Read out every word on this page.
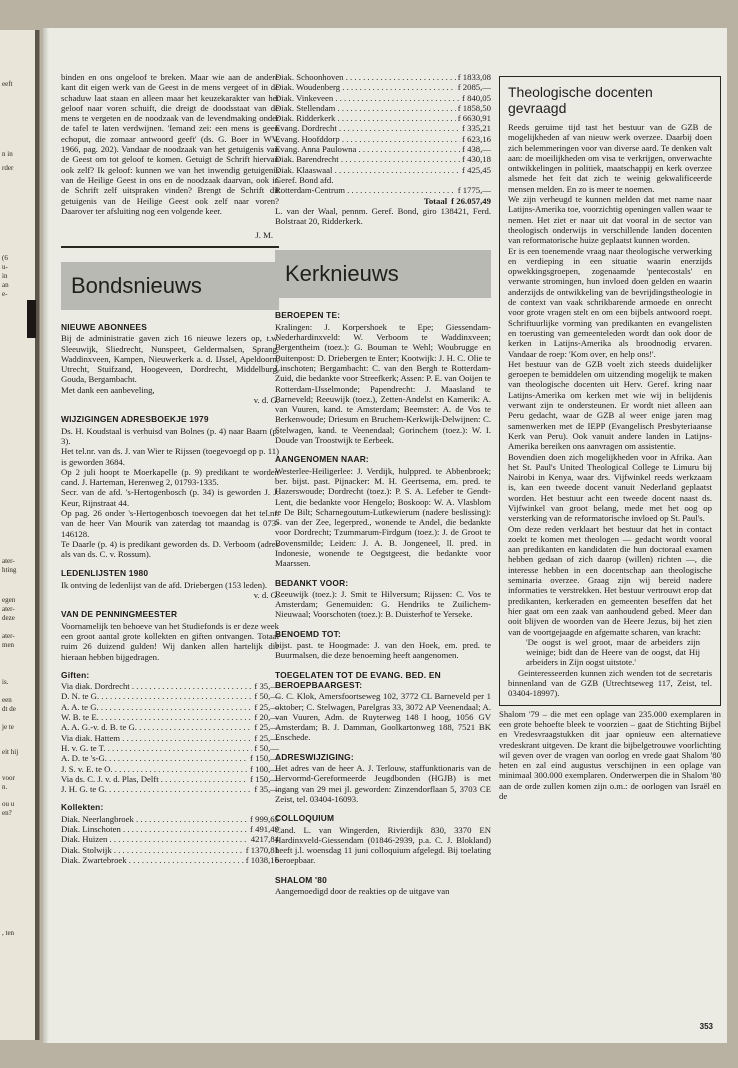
eeft
n in
rder
(6
u-
in
an
e-
ater-
hting
egen
ater-
deze
ater-
men
is.
een
dt de
je te
eit hij
voor
n.
ou u
en?
, ten

binden en ons ongeloof te breken. Maar wie aan de andere kant dit eigen werk van de Geest in de mens vergeet of in de schaduw laat staan en alleen maar het keuzekarakter van het geloof naar voren schuift, die dreigt de doodsstaat van de mens te vergeten en de noodzaak van de levendmaking onder de tafel te laten verdwijnen. 'Iemand zei: een mens is geen echoput, die zomaar antwoord geeft' (ds. G. Boer in WV, 1966, pag. 202). Vandaar de noodzaak van het getuigenis van de Geest om tot geloof te komen. Getuigt de Schrift hiervan ook zelf? Ik geloof: kunnen we van het inwendig getuigenis van de Heilige Geest in ons en de noodzaak daarvan, ook in de Schrift zelf uitspraken vinden? Brengt de Schrift dit getuigenis van de Heilige Geest ook zelf naar voren? Daarover ter afsluiting nog een volgende keer.

J. M.
Bondsnieuws
NIEUWE ABONNEES

Bij de administratie gaven zich 16 nieuwe lezers op, t.w. Sleeuwijk, Sliedrecht, Nunspeet, Geldermalsen, Sprang, Waddinxveen, Kampen, Nieuwerkerk a. d. IJssel, Apeldoorn, Utrecht, Stuifzand, Hoogeveen, Dordrecht, Middelburg, Gouda, Bergambacht.

Met dank een aanbeveling,

v. d. G.
WIJZIGINGEN ADRESBOEKJE 1979

Ds. H. Koudstaal is verhuisd van Bolnes (p. 4) naar Baarn (p. 3).

Het tel.nr. van ds. J. van Wier te Rijssen (toegevoegd op p. 11) is geworden 3684.

Op 2 juli hoopt te Moerkapelle (p. 9) predikant te worden cand. J. Harteman, Herenweg 2, 01793-1335.

Secr. van de afd. 's-Hertogenbosch (p. 34) is geworden J. J. Keur, Rijnstraat 44.

Op pag. 26 onder 's-Hertogenbosch toevoegen dat het tel.nr. van de heer Van Mourik van zaterdag tot maandag is 073-146128.

Te Daarle (p. 4) is predikant geworden ds. D. Verboom (adres als van ds. C. v. Rossum).

LEDENLIJSTEN 1980

Ik ontving de ledenlijst van de afd. Driebergen (153 leden).

v. d. G.
VAN DE PENNINGMEESTER

Voornamelijk ten behoeve van het Studiefonds is er deze week een groot aantal grote kollekten en giften ontvangen. Totaal ruim 26 duizend gulden! Wij danken allen hartelijk die hieraan hebben bijgedragen.

Giften:
Via diak. Dordrecht . . .	f 35,—
D. N. te G. . . .	f 50,—
A. A. te G. . . .	f 25,—
W. B. te E. . . .	f 20,—
A. A. G.-v. d. B. te G. . . .	f 25,—
Via diak. Hattem . . .	f 25,—
H. v. G. te T. . . .	f 50,—
A. D. te 's-G. . . .	f 150,—
J. S. v. E. te O. . . .	f 100,—
Via ds. C. J. v. d. Plas, Delft . . .	f 150,—
J. H. G. te G. . . .	f 35,—
Kollekten:
Diak. Neerlangbroek . . .	f 999,65
Diak. Linschoten . . .	f 491,49
Diak. Huizen . . .	4217,84
Diak. Stolwijk . . .	f 1370,81
Diak. Zwartebroek . . .	f 1038,16
Diak. Schoonhoven . . .	f 1833,08
Diak. Woudenberg . . .	f 2085,—
Diak. Vinkeveen . . .	f 840,05
Diak. Stellendam . . .	f 1858,50
Diak. Ridderkerk . . .	f 6630,91
Evang. Dordrecht . . .	f 335,21
Evang. Hoofddorp . . .	f 623,16
Evang. Anna Paulowna . . .	f 438,—
Diak. Barendrecht . . .	f 430,18
Diak. Klaaswaal . . .	f 425,45
Geref. Bond afd.
Rotterdam-Centrum . . .	f 1775,—
Totaal f 26.057,49

L. van der Waal, pennm. Geref. Bond, giro 138421, Ferd. Bolstraat 20, Ridderkerk.

Kerknieuws
BEROEPEN TE:

Kralingen: J. Korpershoek te Epe; Giessendam-Nederhardinxveld: W. Verboom te Waddinxveen; Bergentheim (toez.): G. Bouman te Wehl; Woubrugge en Buitenpost: D. Driebergen te Enter; Kootwijk: J. H. C. Olie te Linschoten; Bergambacht: C. van den Bergh te Rotterdam-Zuid, die bedankte voor Streefkerk; Assen: P. E. van Ooijen te Rotterdam-IJsselmonde; Papendrecht: J. Maasland te Barneveld; Reeuwijk (toez.), Zetten-Andelst en Kamerik: A. van Vuuren, kand. te Amsterdam; Beemster: A. de Vos te Berkenwoude; Driesum en Bruchem-Kerkwijk-Delwijnen: C. Stelwagen, kand. te Veenendaal; Gorinchem (toez.): W. I. Doude van Troostwijk te Eerbeek.

AANGENOMEN NAAR:

Westerlee-Heiligerlee: J. Verdijk, hulppred. te Abbenbroek; ber. bijst. past. Pijnacker: M. H. Geertsema, em. pred. te Hazerswoude; Dordrecht (toez.): P. S. A. Lefeber te Gendt-Lent, die bedankte voor Hengelo; Boskoop: W. A. Vlasblom te De Bilt; Scharnegoutum-Lutkewierum (nadere beslissing): S. van der Zee, legerpred., wonende te Andel, die bedankte voor Dordrecht; Tzummarum-Firdgum (toez.): J. de Groot te Bovensmilde; Leiden: J. A. B. Jongeneel, ll. pred. in Indonesie, wonende te Oegstgeest, die bedankte voor Maarssen.

BEDANKT VOOR:

Reeuwijk (toez.): J. Smit te Hilversum; Rijssen: C. Vos te Amsterdam; Genemuiden: G. Hendriks te Zuilichem-Nieuwaal; Voorschoten (toez.): B. Duisterhof te Yerseke.

BENOEMD TOT:

bijst. past. te Hoogmade: J. van den Hoek, em. pred. te Buurmalsen, die deze benoeming heeft aangenomen.

TOEGELATEN TOT DE EVANG. BED. EN BEROEPBAARGEST:

G. C. Klok, Amersfoortseweg 102, 3772 CL Barneveld per 1 oktober; C. Stelwagen, Parelgras 33, 3072 AP Veenendaal; A. van Vuuren, Adm. de Ruyterweg 148 I hoog, 1056 GV Amsterdam; B. J. Damman, Goolkartonweg 188, 7521 BK Enschede.

ADRESWIJZIGING:

Het adres van de heer A. J. Terlouw, staffunktionaris van de Hervormd-Gereformeerde Jeugdbonden (HGJB) is met ingang van 29 mei jl. geworden: Zinzendorflaan 5, 3703 CE Zeist, tel. 03404-16093.

COLLOQUIUM

Cand. L. van Wingerden, Rivierdijk 830, 3370 EN Hardinxveld-Giessendam (01846-2939, p.a. C. J. Blokland) heeft j.l. woensdag 11 juni colloquium afgelegd. Bij toelating beroepbaar.

SHALOM '80

Aangemoedigd door de reakties op de uitgave van

Theologische docenten gevraagd

Reeds geruime tijd tast het bestuur van de GZB de mogelijkheden af van nieuw werk overzee. Daarbij doen zich belemmeringen voor van diverse aard. Te denken valt aan: de moeilijkheden om visa te verkrijgen, onverwachte ontwikkelingen in politiek, maatschappij en kerk overzee alsmede het feit dat zich te weinig gekwalificeerde mensen melden. En zo is meer te noemen.

We zijn verheugd te kunnen melden dat met name naar Latijns-Amerika toe, voorzichtig openingen vallen waar te nemen. Het ziet er naar uit dat vooral in de sector van theologisch onderwijs in verschillende landen docenten van reformatorische huize geplaatst kunnen worden.

Er is een toenemende vraag naar theologische verwerking en verdieping in een situatie waarin enerzijds opwekkingsgroepen, zogenaamde 'pentecostals' en verwante stromingen, hun invloed doen gelden en waarin anderzijds de ontwikkeling van de bevrijdingstheologie in de context van vaak schrikbarende armoede en onrecht voor grote vragen stelt en om een bijbels antwoord roept. Schriftuurlijke vorming van predikanten en evangelisten en toerusting van gemeenteleden wordt dan ook door de kerken in Latijns-Amerika als broodnodig ervaren. Vandaar de roep: 'Kom over, en help ons!'.

Het bestuur van de GZB voelt zich steeds duidelijker geroepen te bemiddelen om uitzending mogelijk te maken van theologische docenten uit Herv. Geref. kring naar Latijns-Amerika om kerken met wie wij in belijdenis verwant zijn te ondersteunen. Er wordt niet alleen aan Peru gedacht, waar de GZB al weer enige jaren mag samenwerken met de IEPP (Evangelisch Presbyteriaanse Kerk van Peru). Ook vanuit andere landen in Latijns-Amerika bereiken ons aanvragen om assistentie.

Bovendien doen zich mogelijkheden voor in Afrika. Aan het St. Paul's United Theological College te Limuru bij Nairobi in Kenya, waar drs. Vijfwinkel reeds werkzaam is, kan een tweede docent vanuit Nederland geplaatst worden. Het bestuur acht een tweede docent naast ds. Vijfwinkel van groot belang, mede met het oog op versterking van de reformatorische invloed op St. Paul's.

Om deze reden verklaart het bestuur dat het in contact zoekt te komen met theologen — gedacht wordt vooral aan predikanten en kandidaten die hun doctoraal examen hebben gedaan of zich daarop (willen) richten —, die interesse hebben in een docentschap aan theologische seminaria overzee. Graag zijn wij bereid nadere informaties te verstrekken. Het bestuur vertrouwt erop dat predikanten, kerkeraden en gemeenten beseffen dat het hier gaat om een zaak van aanhoudend gebed. Meer dan ooit blijven de woorden van de Heere Jezus, bij het zien van de voortgejaagde en afgematte scharen, van kracht:

'De oogst is wel groot, maar de arbeiders zijn weinige; bidt dan de Heere van de oogst, dat Hij arbeiders in Zijn oogst uitstote.'

Geinteresseerden kunnen zich wenden tot de secretaris binnenland van de GZB (Utrechtseweg 117, Zeist, tel. 03404-18997).

Shalom '79 – die met een oplage van 235.000 exemplaren in een grote behoefte bleek te voorzien – gaat de Stichting Bijbel en Vredesvraagstukken dit jaar opnieuw een alternatieve vredeskrant uitgeven. De krant die bijbelgetrouwe voorlichting wil geven over de vragen van oorlog en vrede gaat Shalom '80 heten en zal eind augustus verschijnen in een oplage van minimaal 300.000 exemplaren. Onderwerpen die in Shalom '80 aan de orde zullen komen zijn o.m.: de oorlogen van Israël en de

353
